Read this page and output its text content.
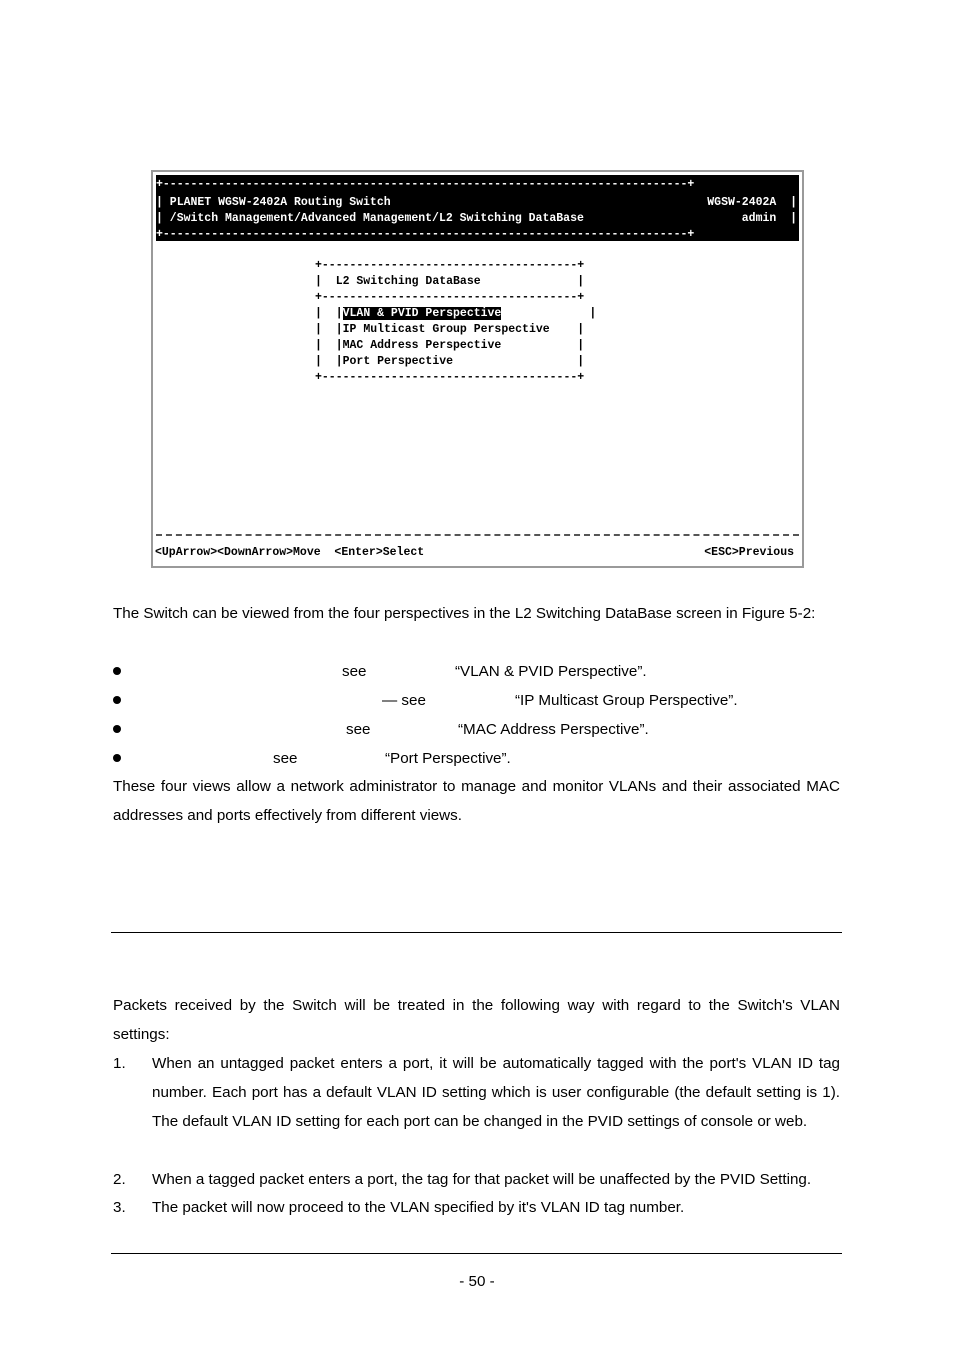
+----------------------------------------------------------------------------+
| PLANET WGSW-2402A Routing Switch	WGSW-2402A  |
| /Switch Management/Advanced Management/L2 Switching DataBase	admin  |
+----------------------------------------------------------------------------+
+-------------------------------------+
|  L2 Switching DataBase              |
+-------------------------------------+
|  |VLAN & PVID Perspective	|
|  |IP Multicast Group Perspective    |
|  |MAC Address Perspective           |
|  |Port Perspective                  |
+-------------------------------------+
<UpArrow><DownArrow>Move  <Enter>Select	<ESC>Previous
The Switch can be viewed from the four perspectives in the L2 Switching DataBase screen in Figure 5-2:
see	“VLAN & PVID Perspective”.
— see	“IP Multicast Group Perspective”.
see	“MAC Address Perspective”.
see	“Port Perspective”.
These four views allow a network administrator to manage and monitor VLANs and their associated MAC addresses and ports effectively from different views.
Packets received by the Switch will be treated in the following way with regard to the Switch's VLAN settings:
1. When an untagged packet enters a port, it will be automatically tagged with the port's VLAN ID tag number. Each port has a default VLAN ID setting which is user configurable (the default setting is 1). The default VLAN ID setting for each port can be changed in the PVID settings of console or web.
2. When a tagged packet enters a port, the tag for that packet will be unaffected by the PVID Setting.
3. The packet will now proceed to the VLAN specified by it's VLAN ID tag number.
- 50 -
